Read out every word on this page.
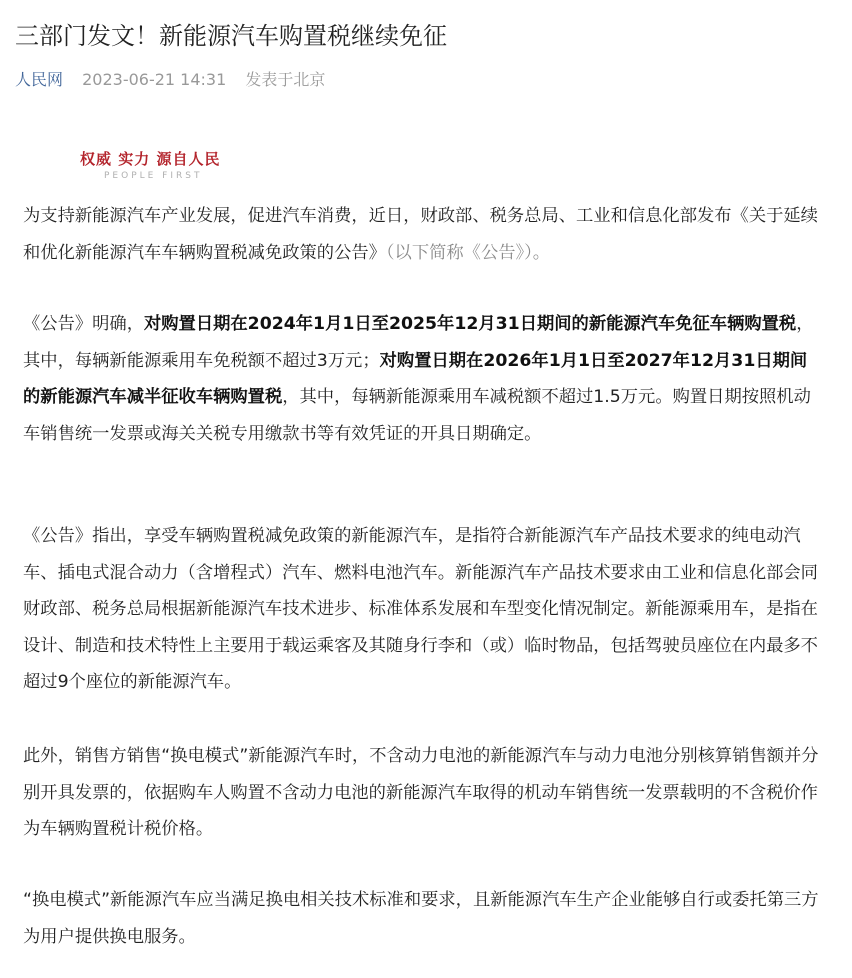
三部门发文！新能源汽车购置税继续免征
人民网 2023-06-21 14:31 发表于北京
权威 实力 源自人民
PEOPLE FIRST

为支持新能源汽车产业发展，促进汽车消费，近日，财政部、税务总局、工业和信息化部发布《关于延续和优化新能源汽车车辆购置税减免政策的公告》（以下简称《公告》）。

《公告》明确，对购置日期在2024年1月1日至2025年12月31日期间的新能源汽车免征车辆购置税，其中，每辆新能源乘用车免税额不超过3万元；对购置日期在2026年1月1日至2027年12月31日期间的新能源汽车减半征收车辆购置税，其中，每辆新能源乘用车减税额不超过1.5万元。购置日期按照机动车销售统一发票或海关关税专用缴款书等有效凭证的开具日期确定。

《公告》指出，享受车辆购置税减免政策的新能源汽车，是指符合新能源汽车产品技术要求的纯电动汽车、插电式混合动力（含增程式）汽车、燃料电池汽车。新能源汽车产品技术要求由工业和信息化部会同财政部、税务总局根据新能源汽车技术进步、标准体系发展和车型变化情况制定。新能源乘用车，是指在设计、制造和技术特性上主要用于载运乘客及其随身行李和（或）临时物品，包括驾驶员座位在内最多不超过9个座位的新能源汽车。

此外，销售方销售“换电模式”新能源汽车时，不含动力电池的新能源汽车与动力电池分别核算销售额并分别开具发票的，依据购车人购置不含动力电池的新能源汽车取得的机动车销售统一发票载明的不含税价作为车辆购置税计税价格。

“换电模式”新能源汽车应当满足换电相关技术标准和要求，且新能源汽车生产企业能够自行或委托第三方为用户提供换电服务。
